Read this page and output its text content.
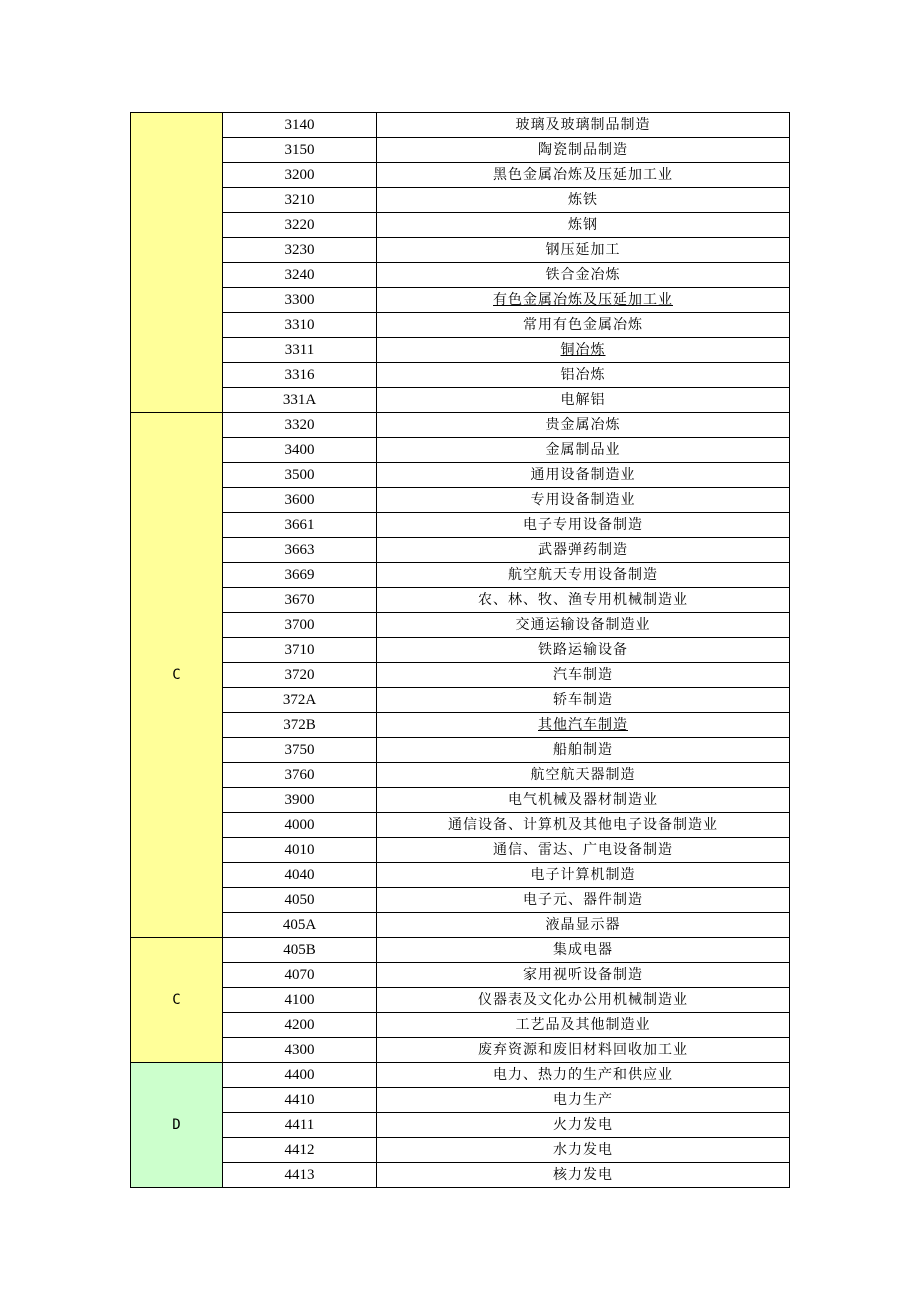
	3140	玻璃及玻璃制品制造
	3150	陶瓷制品制造
	3200	黑色金属冶炼及压延加工业
	3210	炼铁
	3220	炼钢
	3230	钢压延加工
	3240	铁合金冶炼
	3300	有色金属冶炼及压延加工业
	3310	常用有色金属冶炼
	3311	铜冶炼
	3316	铝冶炼
	331A	电解铝
C	3320	贵金属冶炼
	3400	金属制品业
	3500	通用设备制造业
	3600	专用设备制造业
	3661	电子专用设备制造
	3663	武器弹药制造
	3669	航空航天专用设备制造
	3670	农、林、牧、渔专用机械制造业
	3700	交通运输设备制造业
	3710	铁路运输设备
	3720	汽车制造
	372A	轿车制造
	372B	其他汽车制造
	3750	船舶制造
	3760	航空航天器制造
	3900	电气机械及器材制造业
	4000	通信设备、计算机及其他电子设备制造业
	4010	通信、雷达、广电设备制造
	4040	电子计算机制造
	4050	电子元、器件制造
	405A	液晶显示器
C	405B	集成电器
	4070	家用视听设备制造
	4100	仪器表及文化办公用机械制造业
	4200	工艺品及其他制造业
	4300	废弃资源和废旧材料回收加工业
D	4400	电力、热力的生产和供应业
	4410	电力生产
	4411	火力发电
	4412	水力发电
	4413	核力发电
